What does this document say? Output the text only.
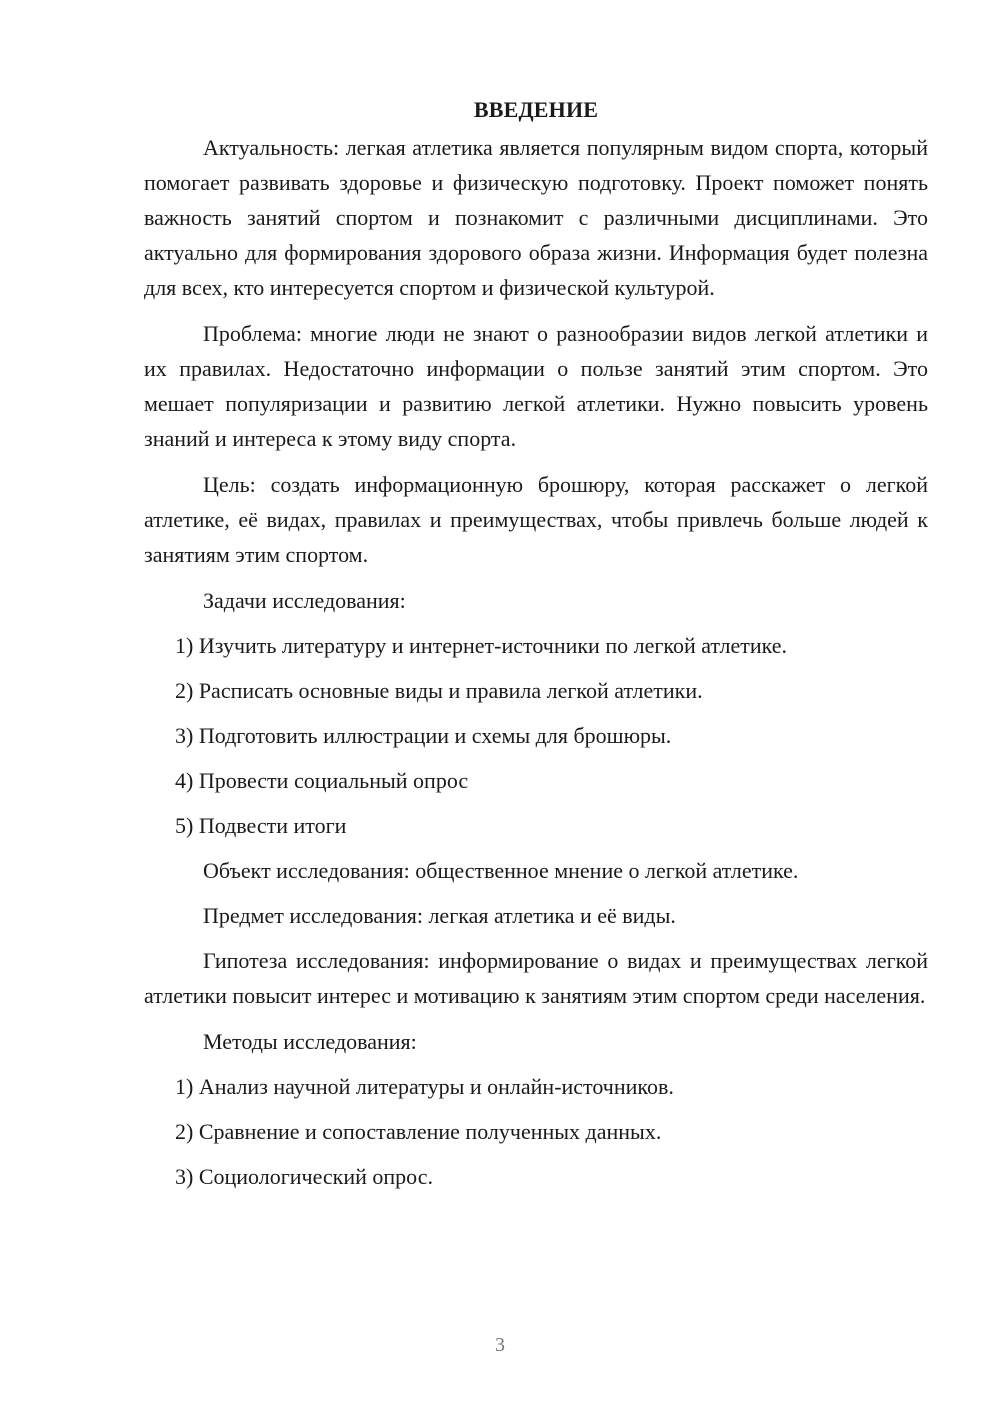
ВВЕДЕНИЕ

Актуальность: легкая атлетика является популярным видом спорта, который помогает развивать здоровье и физическую подготовку. Проект поможет понять важность занятий спортом и познакомит с различными дисциплинами. Это актуально для формирования здорового образа жизни. Информация будет полезна для всех, кто интересуется спортом и физической культурой.

Проблема: многие люди не знают о разнообразии видов легкой атлетики и их правилах. Недостаточно информации о пользе занятий этим спортом. Это мешает популяризации и развитию легкой атлетики. Нужно повысить уровень знаний и интереса к этому виду спорта.

Цель: создать информационную брошюру, которая расскажет о легкой атлетике, её видах, правилах и преимуществах, чтобы привлечь больше людей к занятиям этим спортом.

Задачи исследования:
1) Изучить литературу и интернет-источники по легкой атлетике.
2) Расписать основные виды и правила легкой атлетики.
3) Подготовить иллюстрации и схемы для брошюры.
4) Провести социальный опрос
5) Подвести итоги
Объект исследования: общественное мнение о легкой атлетике.
Предмет исследования: легкая атлетика и её виды.

Гипотеза исследования: информирование о видах и преимуществах легкой атлетики повысит интерес и мотивацию к занятиям этим спортом среди населения.

Методы исследования:
1) Анализ научной литературы и онлайн-источников.
2) Сравнение и сопоставление полученных данных.
3) Социологический опрос.
3
